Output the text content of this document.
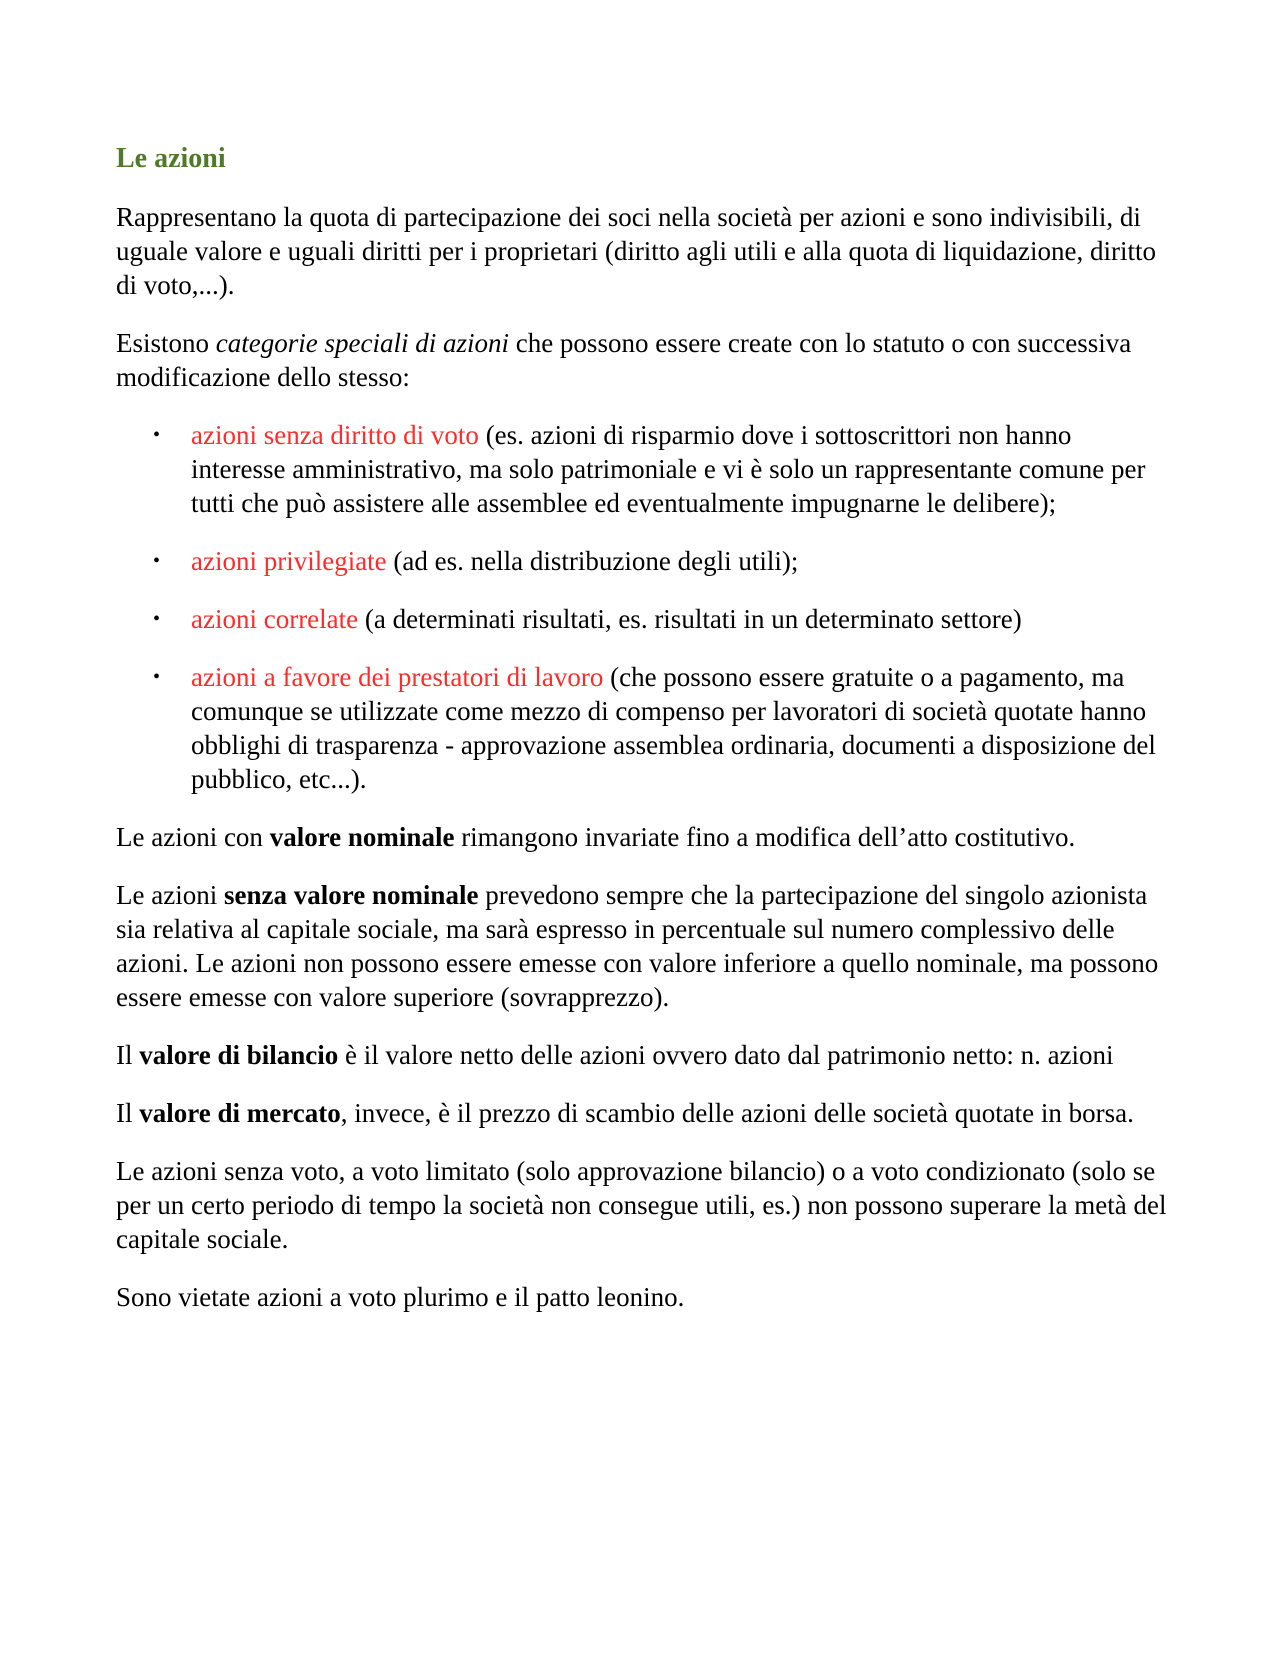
Le azioni

Rappresentano la quota di partecipazione dei soci nella società per azioni e sono indivisibili, di uguale valore e uguali diritti per i proprietari (diritto agli utili e alla quota di liquidazione, diritto di voto,...).

Esistono categorie speciali di azioni che possono essere create con lo statuto o con successiva modificazione dello stesso:

• azioni senza diritto di voto (es. azioni di risparmio dove i sottoscrittori non hanno interesse amministrativo, ma solo patrimoniale e vi è solo un rappresentante comune per tutti che può assistere alle assemblee ed eventualmente impugnarne le delibere);
• azioni privilegiate (ad es. nella distribuzione degli utili);
• azioni correlate (a determinati risultati, es. risultati in un determinato settore)
• azioni a favore dei prestatori di lavoro (che possono essere gratuite o a pagamento, ma comunque se utilizzate come mezzo di compenso per lavoratori di società quotate hanno obblighi di trasparenza - approvazione assemblea ordinaria, documenti a disposizione del pubblico, etc...).

Le azioni con valore nominale rimangono invariate fino a modifica dell’atto costitutivo.

Le azioni senza valore nominale prevedono sempre che la partecipazione del singolo azionista sia relativa al capitale sociale, ma sarà espresso in percentuale sul numero complessivo delle azioni. Le azioni non possono essere emesse con valore inferiore a quello nominale, ma possono essere emesse con valore superiore (sovrapprezzo).

Il valore di bilancio è il valore netto delle azioni ovvero dato dal patrimonio netto: n. azioni

Il valore di mercato, invece, è il prezzo di scambio delle azioni delle società quotate in borsa.

Le azioni senza voto, a voto limitato (solo approvazione bilancio) o a voto condizionato (solo se per un certo periodo di tempo la società non consegue utili, es.) non possono superare la metà del capitale sociale.

Sono vietate azioni a voto plurimo e il patto leonino.
